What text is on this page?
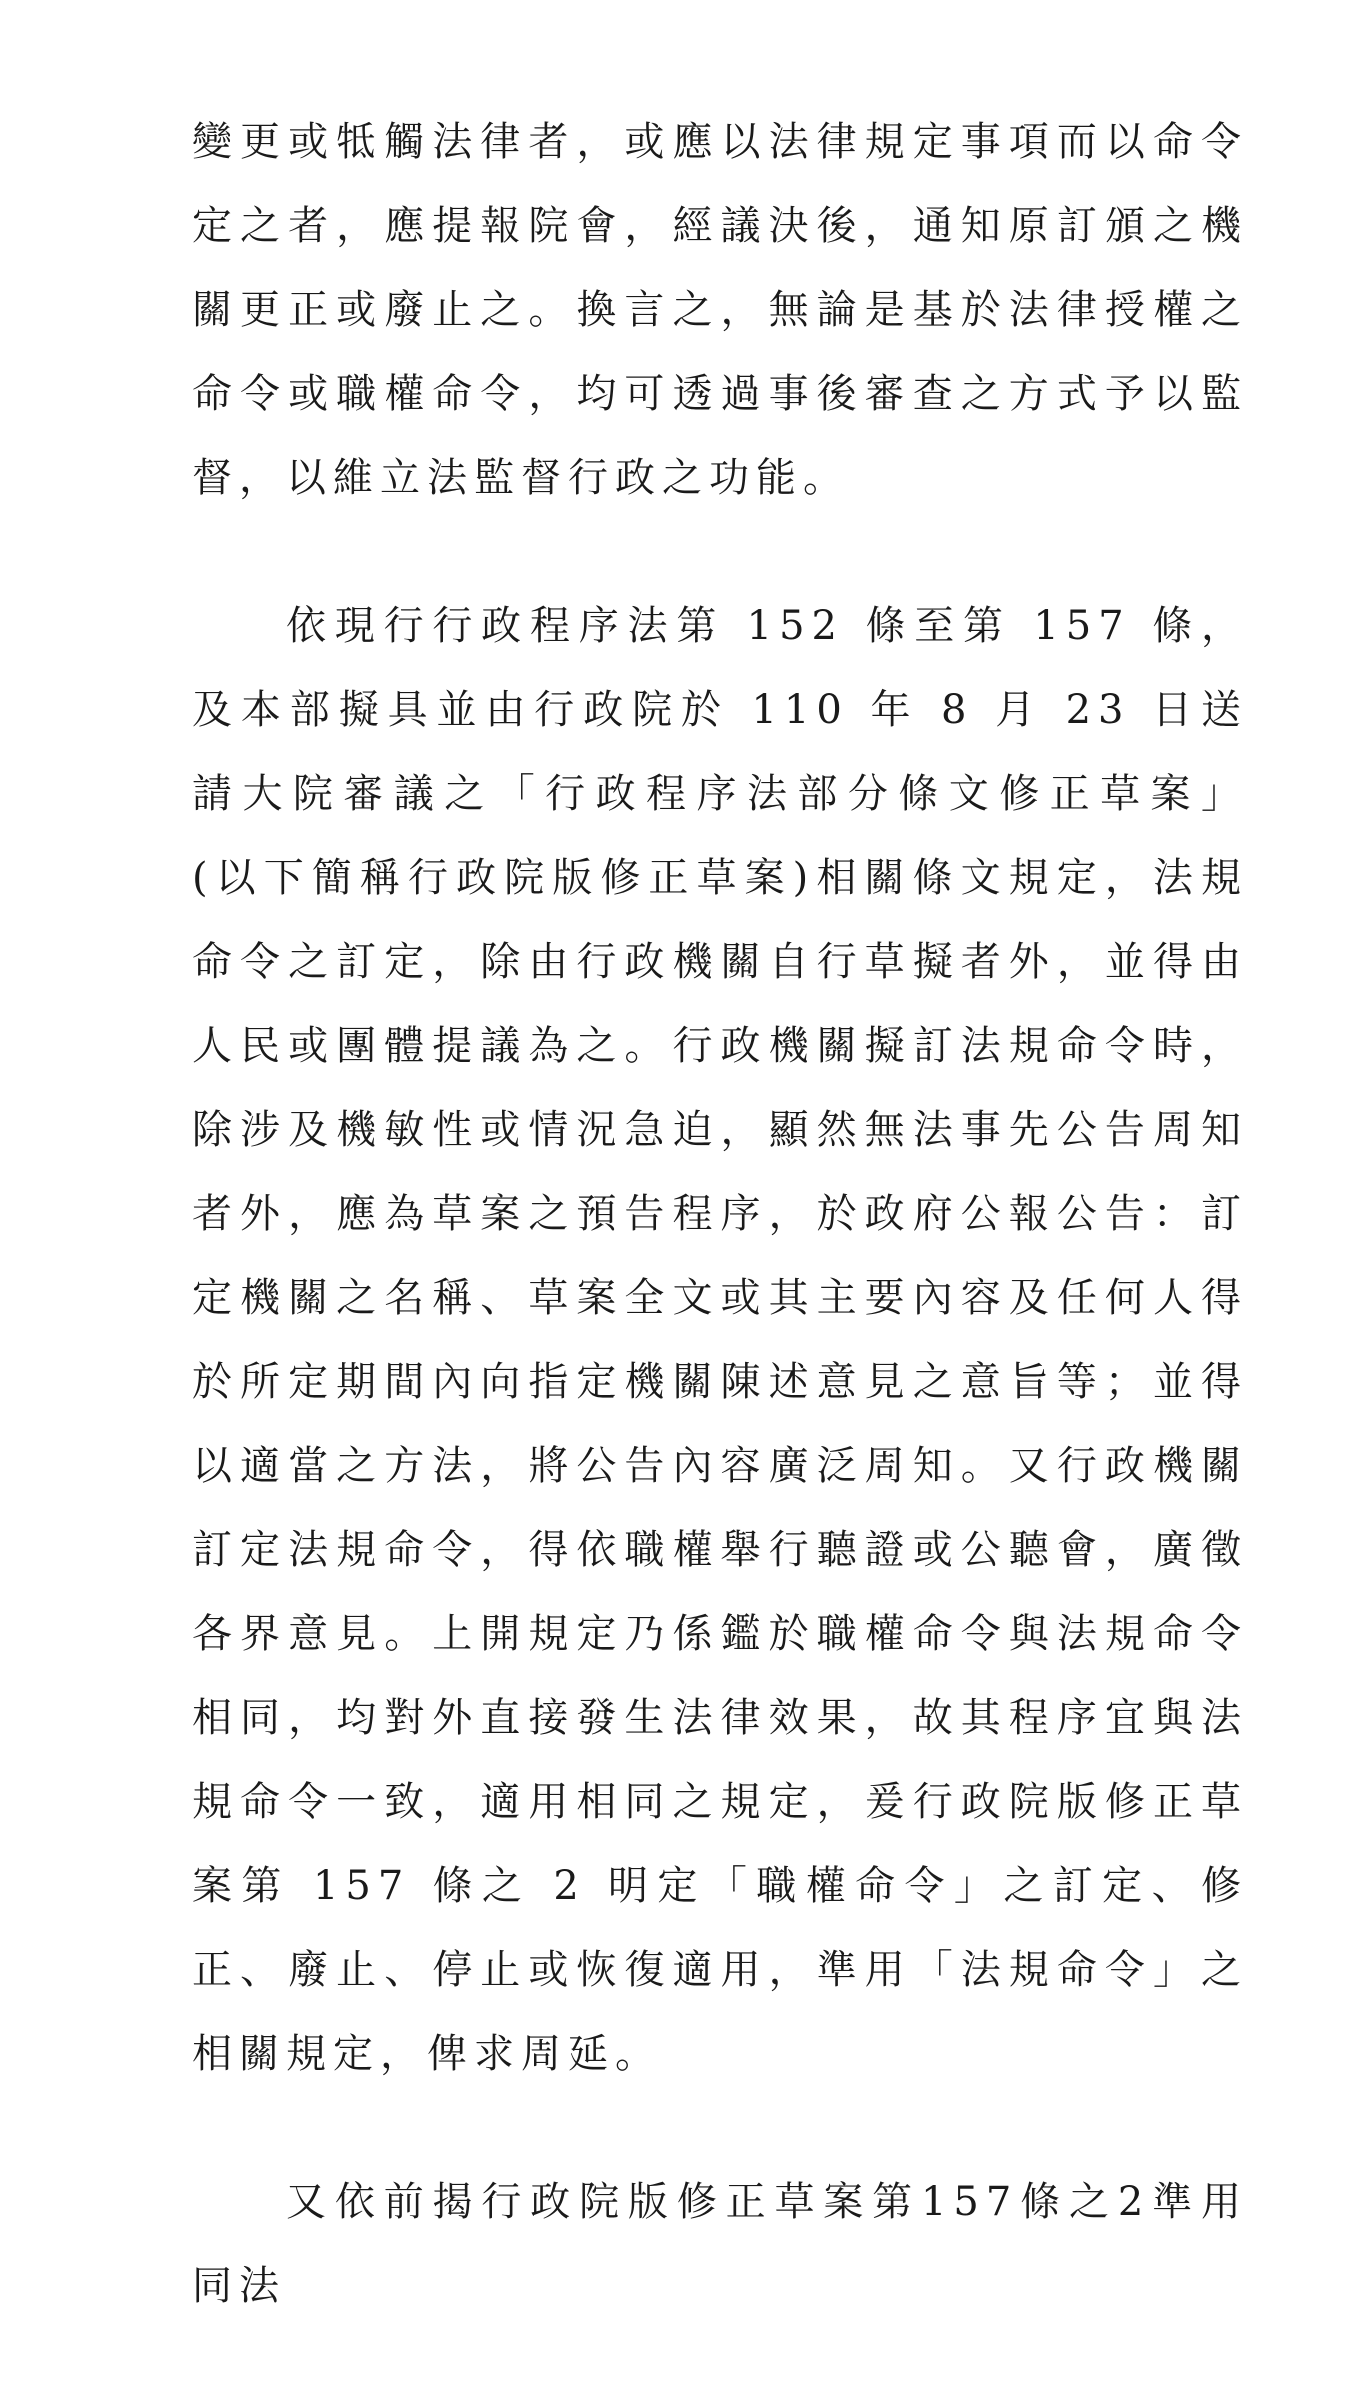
變更或牴觸法律者，或應以法律規定事項而以命令定之者，應提報院會，經議決後，通知原訂頒之機關更正或廢止之。換言之，無論是基於法律授權之命令或職權命令，均可透過事後審查之方式予以監督，以維立法監督行政之功能。

依現行行政程序法第 152 條至第 157 條，及本部擬具並由行政院於 110 年 8 月 23 日送請大院審議之「行政程序法部分條文修正草案」(以下簡稱行政院版修正草案)相關條文規定，法規命令之訂定，除由行政機關自行草擬者外，並得由人民或團體提議為之。行政機關擬訂法規命令時，除涉及機敏性或情況急迫，顯然無法事先公告周知者外，應為草案之預告程序，於政府公報公告：訂定機關之名稱、草案全文或其主要內容及任何人得於所定期間內向指定機關陳述意見之意旨等；並得以適當之方法，將公告內容廣泛周知。又行政機關訂定法規命令，得依職權舉行聽證或公聽會，廣徵各界意見。上開規定乃係鑑於職權命令與法規命令相同，均對外直接發生法律效果，故其程序宜與法規命令一致，適用相同之規定，爰行政院版修正草案第 157 條之 2 明定「職權命令」之訂定、修正、廢止、停止或恢復適用，準用「法規命令」之相關規定，俾求周延。

又依前揭行政院版修正草案第157條之2準用同法
